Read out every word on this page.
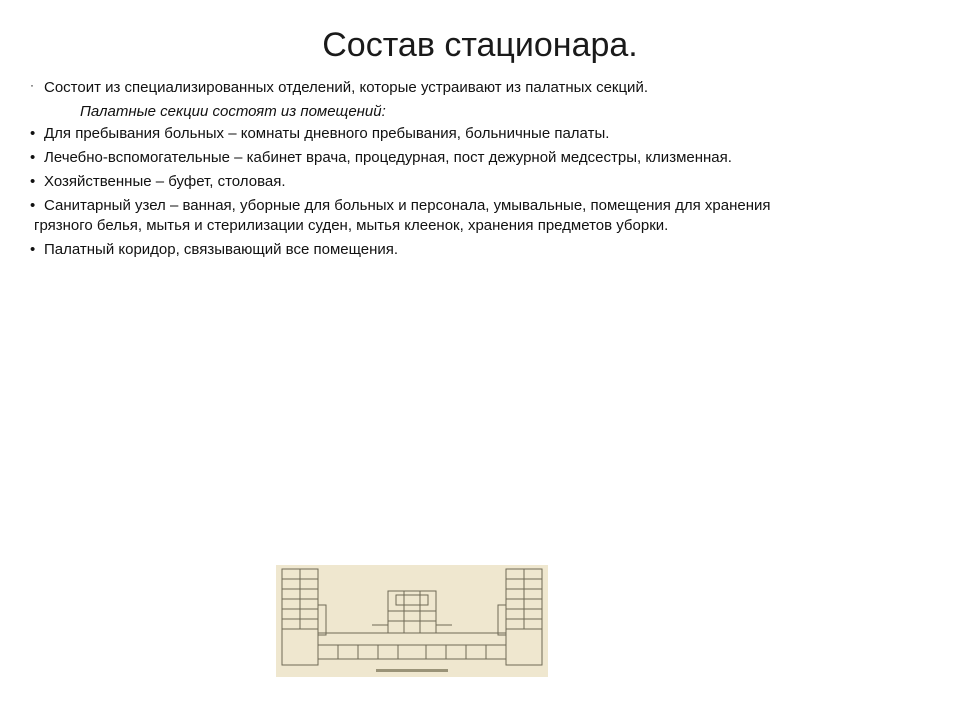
Состав стационара.

· Состоит из специализированных отделений, которые устраивают из палатных секций.

Палатные секции состоят из помещений:

• Для пребывания больных – комнаты дневного пребывания, больничные палаты.

• Лечебно-вспомогательные – кабинет врача, процедурная, пост дежурной медсестры, клизменная.

• Хозяйственные – буфет, столовая.

• Санитарный узел – ванная, уборные для больных и персонала, умывальные, помещения для хранения
грязного белья, мытья и стерилизации суден, мытья клеенок, хранения предметов уборки.

• Палатный коридор, связывающий все помещения.
